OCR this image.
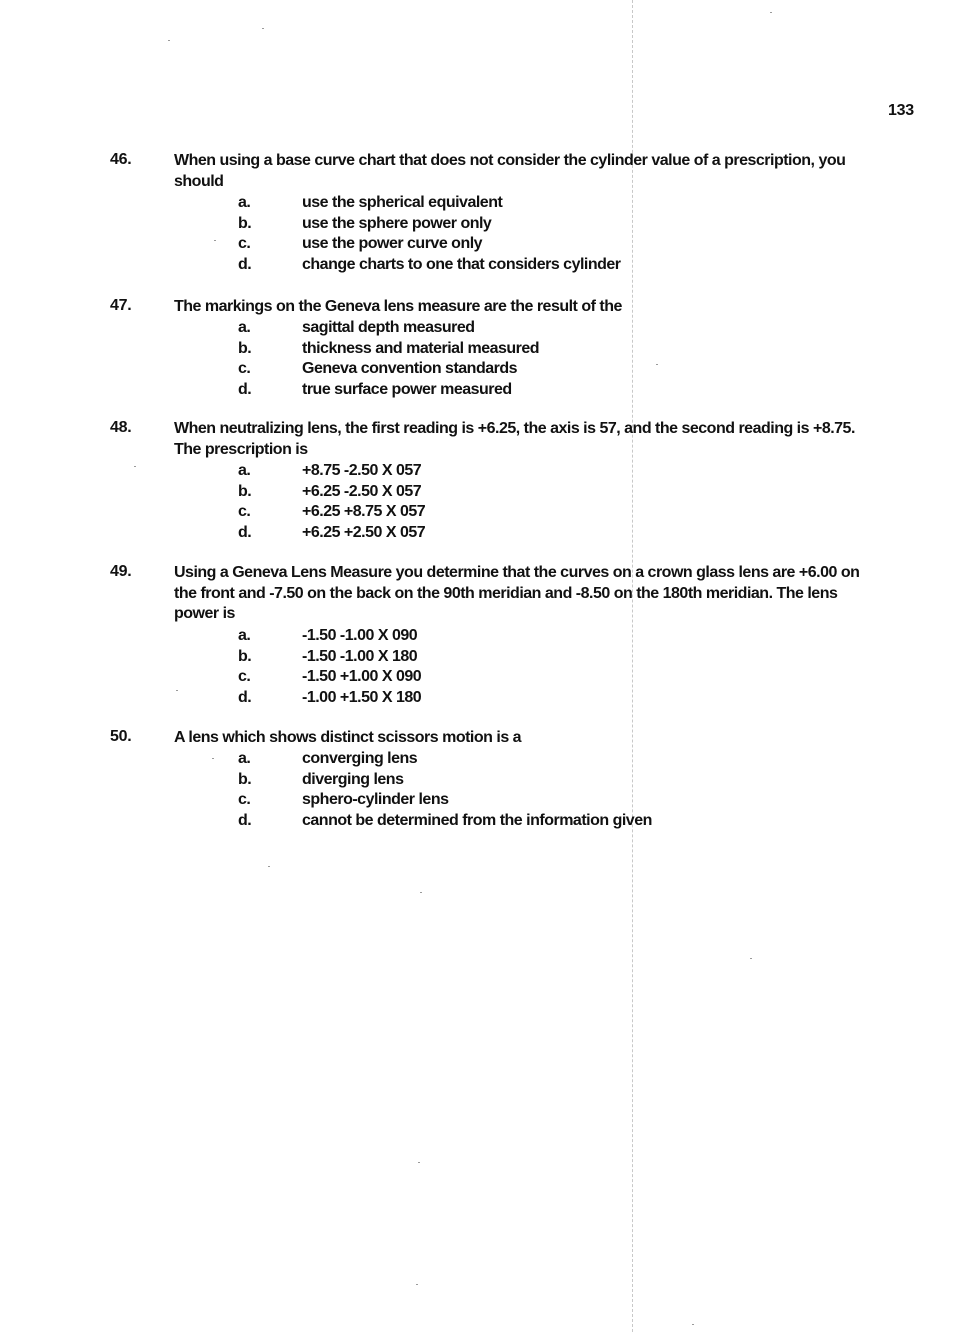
133
46.	When using a base curve chart that does not consider the cylinder value of a prescription, you should
a.	use the spherical equivalent
b.	use the sphere power only
c.	use the power curve only
d.	change charts to one that considers cylinder
47.	The markings on the Geneva lens measure are the result of the
a.	sagittal depth measured
b.	thickness and material measured
c.	Geneva convention standards
d.	true surface power measured
48.	When neutralizing lens, the first reading is +6.25, the axis is 57, and the second reading is +8.75. The prescription is
a.	+8.75 -2.50 X 057
b.	+6.25 -2.50 X 057
c.	+6.25 +8.75 X 057
d.	+6.25 +2.50 X 057
49.	Using a Geneva Lens Measure you determine that the curves on a crown glass lens are +6.00 on the front and -7.50 on the back on the 90th meridian and -8.50 on the 180th meridian. The lens power is
a.	-1.50 -1.00 X 090
b.	-1.50 -1.00 X 180
c.	-1.50 +1.00 X 090
d.	-1.00 +1.50 X 180
50.	A lens which shows distinct scissors motion is a
a.	converging lens
b.	diverging lens
c.	sphero-cylinder lens
d.	cannot be determined from the information given
